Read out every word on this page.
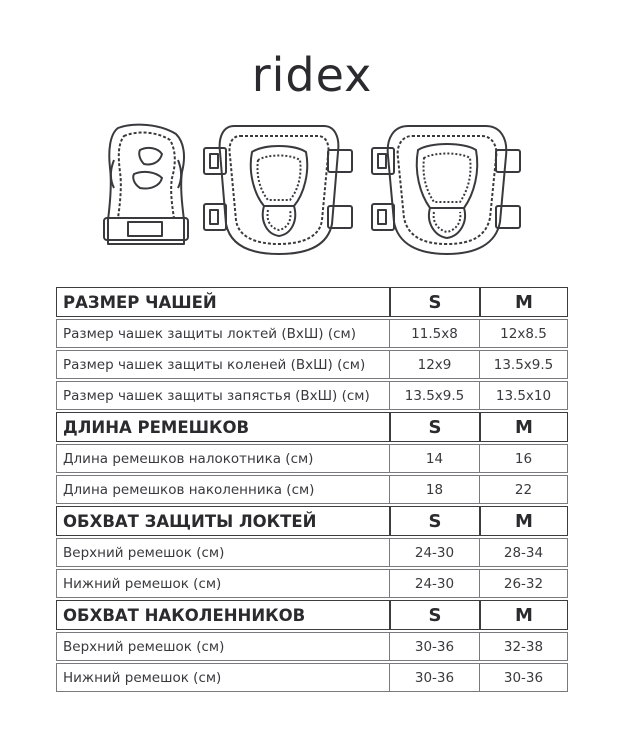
ridex
РАЗМЕР ЧАШЕЙ	S	M
Размер чашек защиты локтей (ВхШ) (см)	11.5x8	12x8.5
Размер чашек защиты коленей (ВхШ) (см)	12x9	13.5x9.5
Размер чашек защиты запястья (ВхШ) (см)	13.5x9.5	13.5x10
ДЛИНА РЕМЕШКОВ	S	M
Длина ремешков налокотника (см)	14	16
Длина ремешков наколенника (см)	18	22
ОБХВАТ ЗАЩИТЫ ЛОКТЕЙ	S	M
Верхний ремешок (см)	24-30	28-34
Нижний ремешок (см)	24-30	26-32
ОБХВАТ НАКОЛЕННИКОВ	S	M
Верхний ремешок (см)	30-36	32-38
Нижний ремешок (см)	30-36	30-36
